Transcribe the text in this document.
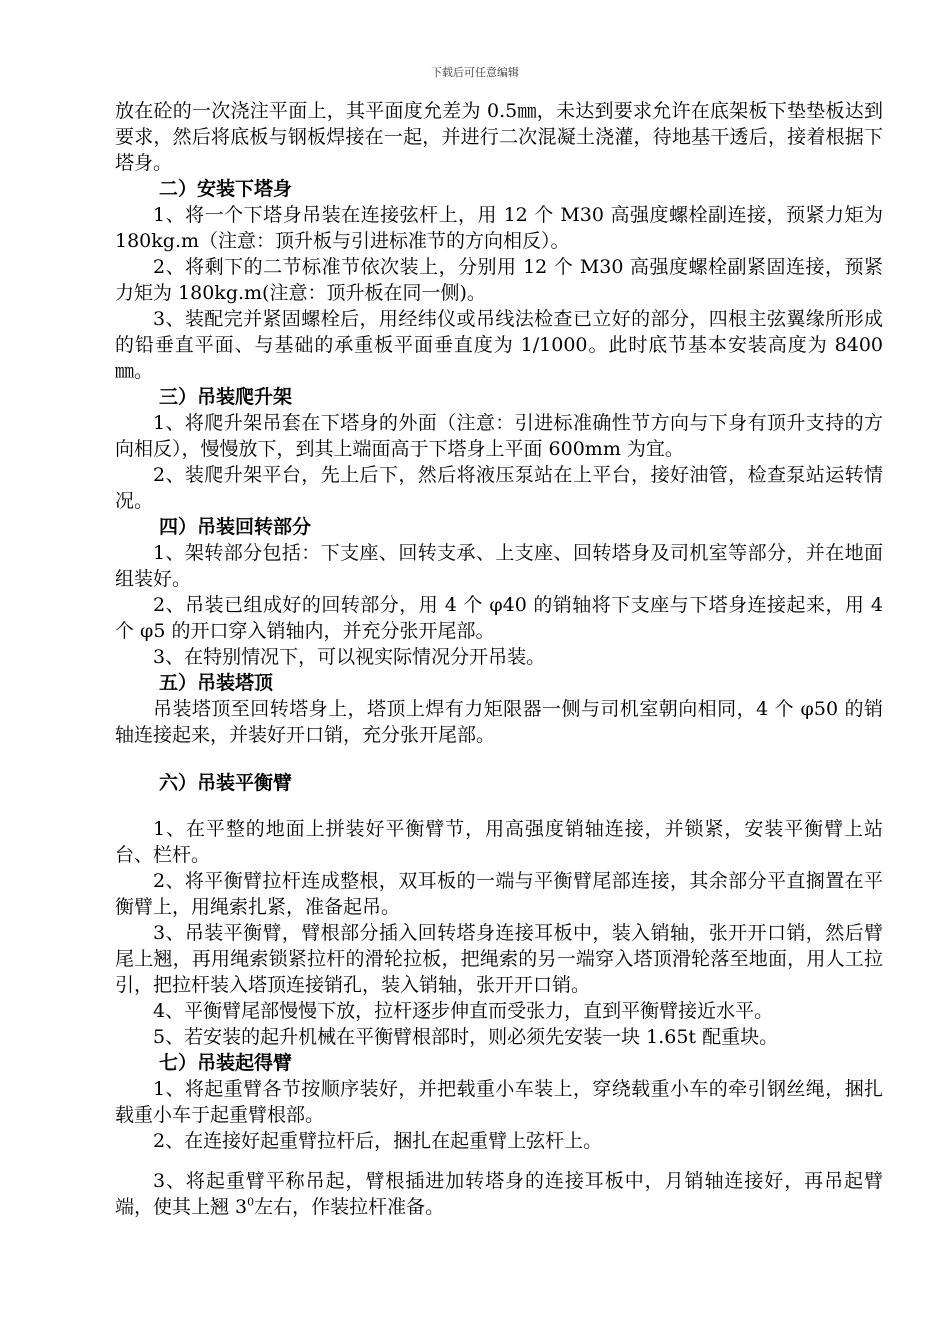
下载后可任意编辑

放在砼的一次浇注平面上，其平面度允差为 0.5㎜，未达到要求允许在底架板下垫垫板达到要求，然后将底板与钢板焊接在一起，并进行二次混凝土浇灌，待地基干透后，接着根据下塔身。

二）安装下塔身

1、将一个下塔身吊装在连接弦杆上，用 12 个 M30 高强度螺栓副连接，预紧力矩为 180kg.m（注意：顶升板与引进标准节的方向相反）。

2、将剩下的二节标准节依次装上，分别用 12 个 M30 高强度螺栓副紧固连接，预紧力矩为 180kg.m(注意：顶升板在同一侧)。

3、装配完并紧固螺栓后，用经纬仪或吊线法检查已立好的部分，四根主弦翼缘所形成的铅垂直平面、与基础的承重板平面垂直度为 1/1000。此时底节基本安装高度为 8400㎜。

三）吊装爬升架

1、将爬升架吊套在下塔身的外面（注意：引进标准确性节方向与下身有顶升支持的方向相反），慢慢放下，到其上端面高于下塔身上平面 600mm 为宜。

2、装爬升架平台，先上后下，然后将液压泵站在上平台，接好油管，检查泵站运转情况。

四）吊装回转部分

1、架转部分包括：下支座、回转支承、上支座、回转塔身及司机室等部分，并在地面组装好。

2、吊装已组成好的回转部分，用 4 个 φ40 的销轴将下支座与下塔身连接起来，用 4 个 φ5 的开口穿入销轴内，并充分张开尾部。

3、在特别情况下，可以视实际情况分开吊装。

五）吊装塔顶

吊装塔顶至回转塔身上，塔顶上焊有力矩限器一侧与司机室朝向相同，4 个 φ50 的销轴连接起来，并装好开口销，充分张开尾部。

六）吊装平衡臂

1、在平整的地面上拼装好平衡臂节，用高强度销轴连接，并锁紧，安装平衡臂上站台、栏杆。

2、将平衡臂拉杆连成整根，双耳板的一端与平衡臂尾部连接，其余部分平直搁置在平衡臂上，用绳索扎紧，准备起吊。

3、吊装平衡臂，臂根部分插入回转塔身连接耳板中，装入销轴，张开开口销，然后臂尾上翘，再用绳索锁紧拉杆的滑轮拉板，把绳索的另一端穿入塔顶滑轮落至地面，用人工拉引，把拉杆装入塔顶连接销孔，装入销轴，张开开口销。

4、平衡臂尾部慢慢下放，拉杆逐步伸直而受张力，直到平衡臂接近水平。

5、若安装的起升机械在平衡臂根部时，则必须先安装一块 1.65t 配重块。

七）吊装起得臂

1、将起重臂各节按顺序装好，并把载重小车装上，穿绕载重小车的牵引钢丝绳，捆扎载重小车于起重臂根部。

2、在连接好起重臂拉杆后，捆扎在起重臂上弦杆上。

3、将起重臂平称吊起，臂根插进加转塔身的连接耳板中，月销轴连接好，再吊起臂端，使其上翘 $3^0$左右，作装拉杆准备。
